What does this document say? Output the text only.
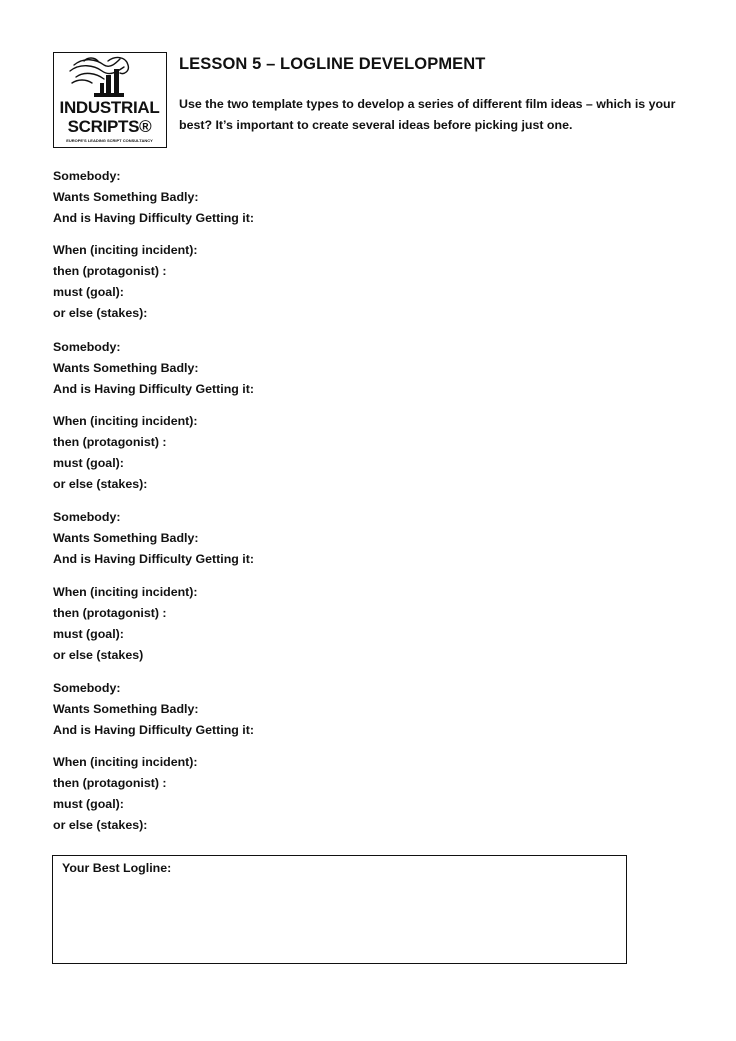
INDUSTRIAL
SCRIPTS®
EUROPE'S LEADING SCRIPT CONSULTANCY
LESSON 5 – LOGLINE DEVELOPMENT
Use the two template types to develop a series of different film ideas – which is your best? It’s important to create several ideas before picking just one.
Somebody:
Wants Something Badly:
And is Having Difficulty Getting it:
When (inciting incident):
then (protagonist) :
must (goal):
or else (stakes):
Somebody:
Wants Something Badly:
And is Having Difficulty Getting it:
When (inciting incident):
then (protagonist) :
must (goal):
or else (stakes):
Somebody:
Wants Something Badly:
And is Having Difficulty Getting it:
When (inciting incident):
then (protagonist) :
must (goal):
or else (stakes)
Somebody:
Wants Something Badly:
And is Having Difficulty Getting it:
When (inciting incident):
then (protagonist) :
must (goal):
or else (stakes):
Your Best Logline:
